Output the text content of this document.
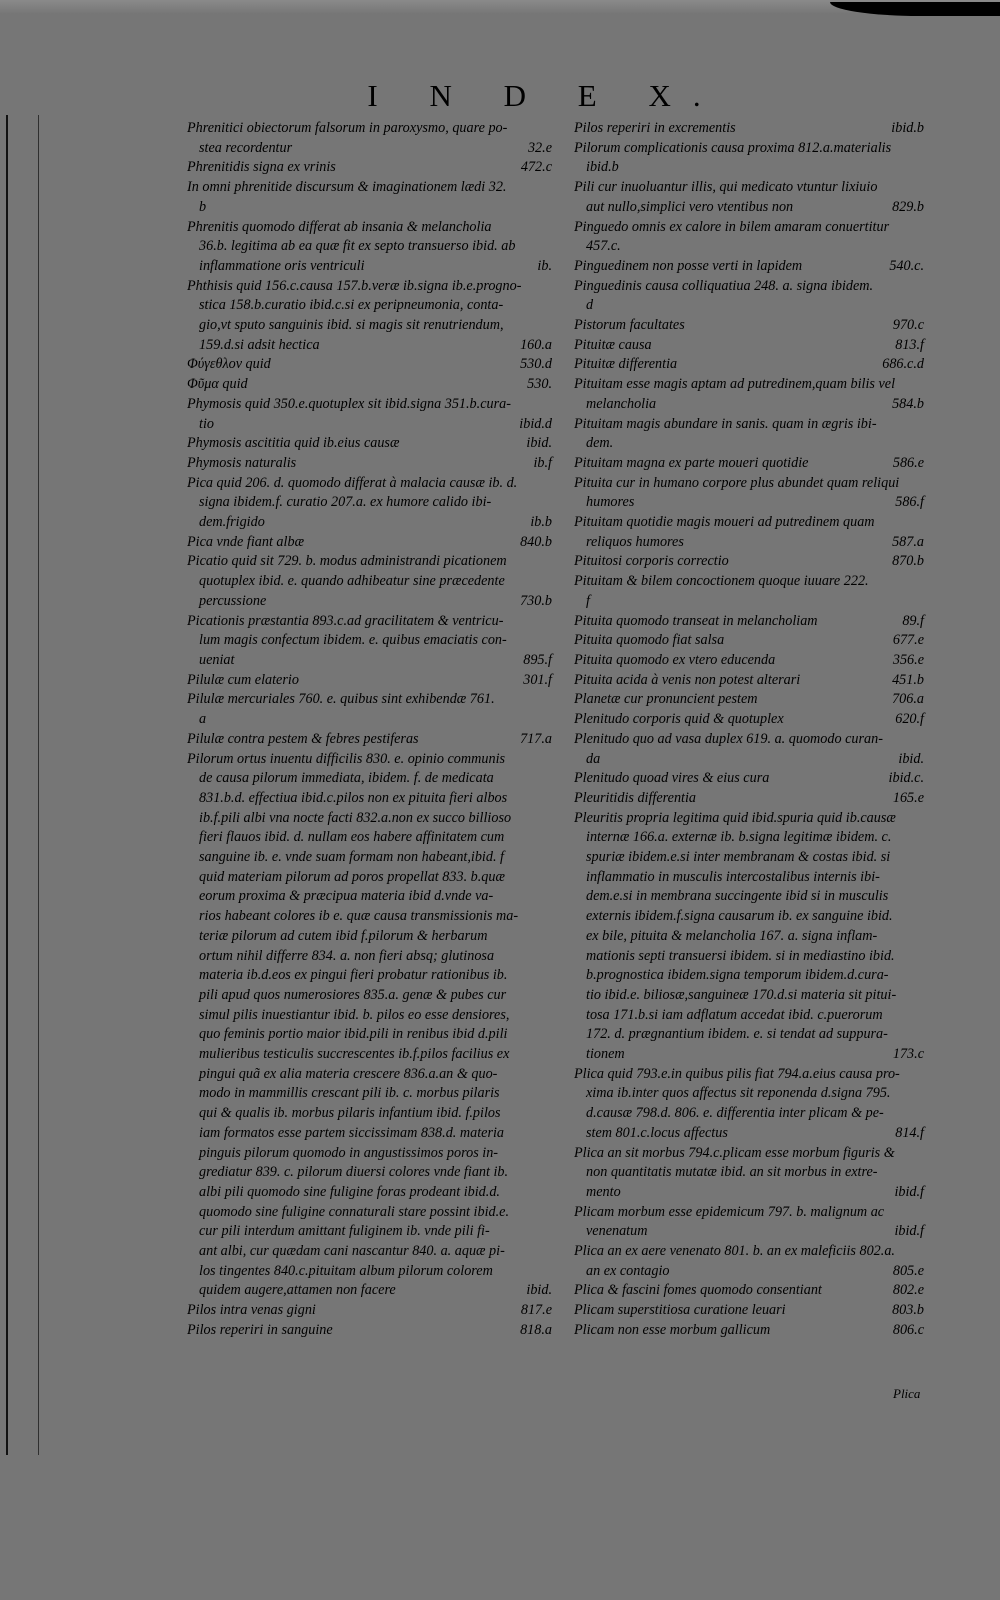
I N D E X.
Phrenitici obiectorum falsorum in paroxysmo, quare po-
stea recordentur	32.e
Phrenitidis signa ex vrinis	472.c
In omni phrenitide discursum & imaginationem lædi 32.
b
Phrenitis quomodo differat ab insania & melancholia
36.b. legitima ab ea quæ fit ex septo transuerso ibid. ab
inflammatione oris ventriculi	ib.
Phthisis quid 156.c.causa 157.b.veræ ib.signa ib.e.progno-
stica 158.b.curatio ibid.c.si ex peripneumonia, conta-
gio,vt sputo sanguinis ibid. si magis sit renutriendum,
159.d.si adsit hectica	160.a
Φύγεθλον quid	530.d
Φῦμα quid	530.
Phymosis quid 350.e.quotuplex sit ibid.signa 351.b.cura-
tio	ibid.d
Phymosis ascititia quid ib.eius causæ	ibid.
Phymosis naturalis	ib.f
Pica quid 206. d. quomodo differat à malacia causæ ib. d.
signa ibidem.f. curatio 207.a. ex humore calido ibi-
dem.frigido	ib.b
Pica vnde fiant albæ	840.b
Picatio quid sit 729. b. modus administrandi picationem
quotuplex ibid. e. quando adhibeatur sine præcedente
percussione	730.b
Picationis præstantia 893.c.ad gracilitatem & ventricu-
lum magis confectum ibidem. e. quibus emaciatis con-
ueniat	895.f
Pilulæ cum elaterio	301.f
Pilulæ mercuriales 760. e. quibus sint exhibendæ 761.
a
Pilulæ contra pestem & febres pestiferas	717.a
Pilorum ortus inuentu difficilis 830. e. opinio communis
de causa pilorum immediata, ibidem. f. de medicata
831.b.d. effectiua ibid.c.pilos non ex pituita fieri albos
ib.f.pili albi vna nocte facti 832.a.non ex succo billioso
fieri flauos ibid. d. nullam eos habere affinitatem cum
sanguine ib. e. vnde suam formam non habeant,ibid. f
quid materiam pilorum ad poros propellat 833. b.quæ
eorum proxima & præcipua materia ibid d.vnde va-
rios habeant colores ib e. quæ causa transmissionis ma-
teriæ pilorum ad cutem ibid f.pilorum & herbarum
ortum nihil differre 834. a. non fieri absq; glutinosa
materia ib.d.eos ex pingui fieri probatur rationibus ib.
pili apud quos numerosiores 835.a. genæ & pubes cur
simul pilis inuestiantur ibid. b. pilos eo esse densiores,
quo feminis portio maior ibid.pili in renibus ibid d.pili
mulieribus testiculis succrescentes ib.f.pilos facilius ex
pingui quã ex alia materia crescere 836.a.an & quo-
modo in mammillis crescant pili ib. c. morbus pilaris
qui & qualis ib. morbus pilaris infantium ibid. f.pilos
iam formatos esse partem siccissimam 838.d. materia
pinguis pilorum quomodo in angustissimos poros in-
grediatur 839. c. pilorum diuersi colores vnde fiant ib.
albi pili quomodo sine fuligine foras prodeant ibid.d.
quomodo sine fuligine connaturali stare possint ibid.e.
cur pili interdum amittant fuliginem ib. vnde pili fi-
ant albi, cur quædam cani nascantur 840. a. aquæ pi-
los tingentes 840.c.pituitam album pilorum colorem
quidem augere,attamen non facere	ibid.
Pilos intra venas gigni	817.e
Pilos reperiri in sanguine	818.a
Pilos reperiri in excrementis	ibid.b
Pilorum complicationis causa proxima 812.a.materialis
ibid.b
Pili cur inuoluantur illis, qui medicato vtuntur lixiuio
aut nullo,simplici vero vtentibus non	829.b
Pinguedo omnis ex calore in bilem amaram conuertitur
457.c.
Pinguedinem non posse verti in lapidem	540.c.
Pinguedinis causa colliquatiua 248. a. signa ibidem.
d
Pistorum facultates	970.c
Pituitæ causa	813.f
Pituitæ differentia	686.c.d
Pituitam esse magis aptam ad putredinem,quam bilis vel
melancholia	584.b
Pituitam magis abundare in sanis. quam in ægris ibi-
dem.
Pituitam magna ex parte moueri quotidie	586.e
Pituita cur in humano corpore plus abundet quam reliqui
humores	586.f
Pituitam quotidie magis moueri ad putredinem quam
reliquos humores	587.a
Pituitosi corporis correctio	870.b
Pituitam & bilem concoctionem quoque iuuare 222.
f
Pituita quomodo transeat in melancholiam	89.f
Pituita quomodo fiat salsa	677.e
Pituita quomodo ex vtero educenda	356.e
Pituita acida à venis non potest alterari	451.b
Planetæ cur pronuncient pestem	706.a
Plenitudo corporis quid & quotuplex	620.f
Plenitudo quo ad vasa duplex 619. a. quomodo curan-
da	ibid.
Plenitudo quoad vires & eius cura	ibid.c.
Pleuritidis differentia	165.e
Pleuritis propria legitima quid ibid.spuria quid ib.causæ
internæ 166.a. externæ ib. b.signa legitimæ ibidem. c.
spuriæ ibidem.e.si inter membranam & costas ibid. si
inflammatio in musculis intercostalibus internis ibi-
dem.e.si in membrana succingente ibid si in musculis
externis ibidem.f.signa causarum ib. ex sanguine ibid.
ex bile, pituita & melancholia 167. a. signa inflam-
mationis septi transuersi ibidem. si in mediastino ibid.
b.prognostica ibidem.signa temporum ibidem.d.cura-
tio ibid.e. biliosæ,sanguineæ 170.d.si materia sit pitui-
tosa 171.b.si iam adflatum accedat ibid. c.puerorum
172. d. prægnantium ibidem. e. si tendat ad suppura-
tionem	173.c
Plica quid 793.e.in quibus pilis fiat 794.a.eius causa pro-
xima ib.inter quos affectus sit reponenda d.signa 795.
d.causæ 798.d. 806. e. differentia inter plicam & pe-
stem 801.c.locus affectus	814.f
Plica an sit morbus 794.c.plicam esse morbum figuris &
non quantitatis mutatæ ibid. an sit morbus in extre-
mento	ibid.f
Plicam morbum esse epidemicum 797. b. malignum ac
venenatum	ibid.f
Plica an ex aere venenato 801. b. an ex maleficiis 802.a.
an ex contagio	805.e
Plica & fascini fomes quomodo consentiant	802.e
Plicam superstitiosa curatione leuari	803.b
Plicam non esse morbum gallicum	806.c
Plica
